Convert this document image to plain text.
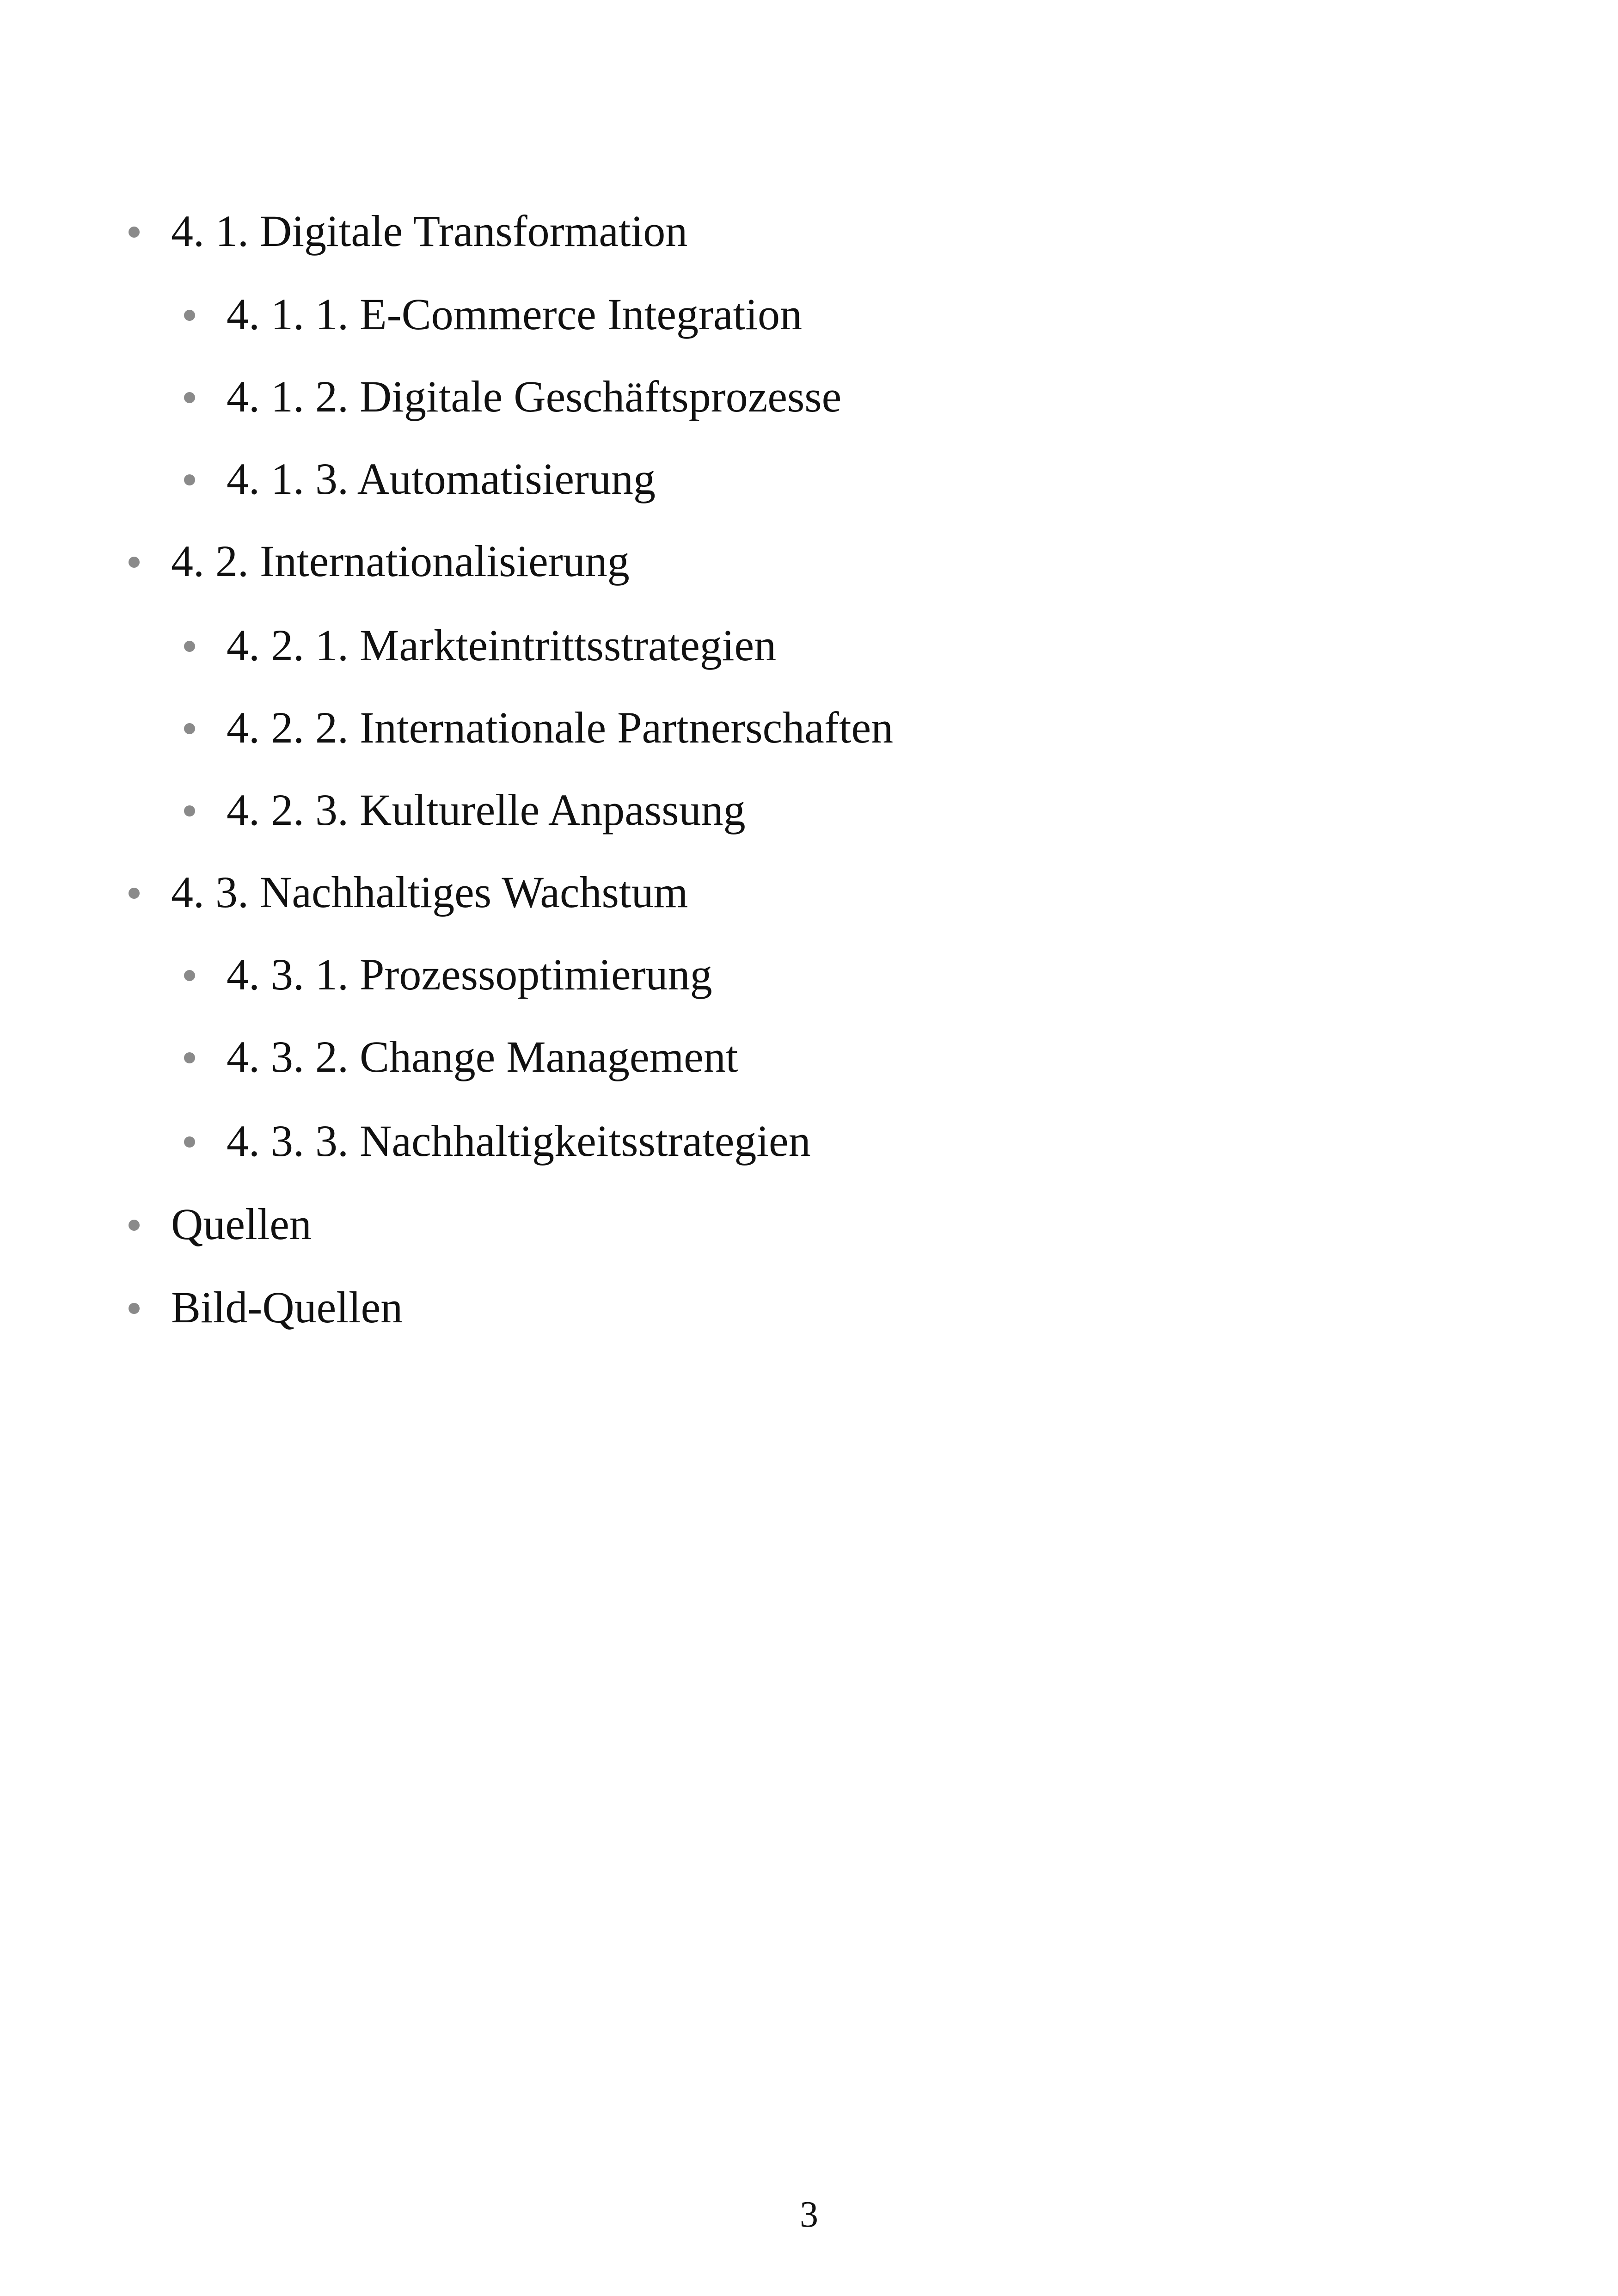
4. 1. Digitale Transformation
4. 1. 1. E-Commerce Integration
4. 1. 2. Digitale Geschäftsprozesse
4. 1. 3. Automatisierung
4. 2. Internationalisierung
4. 2. 1. Markteintrittsstrategien
4. 2. 2. Internationale Partnerschaften
4. 2. 3. Kulturelle Anpassung
4. 3. Nachhaltiges Wachstum
4. 3. 1. Prozessoptimierung
4. 3. 2. Change Management
4. 3. 3. Nachhaltigkeitsstrategien
Quellen
Bild-Quellen
3
